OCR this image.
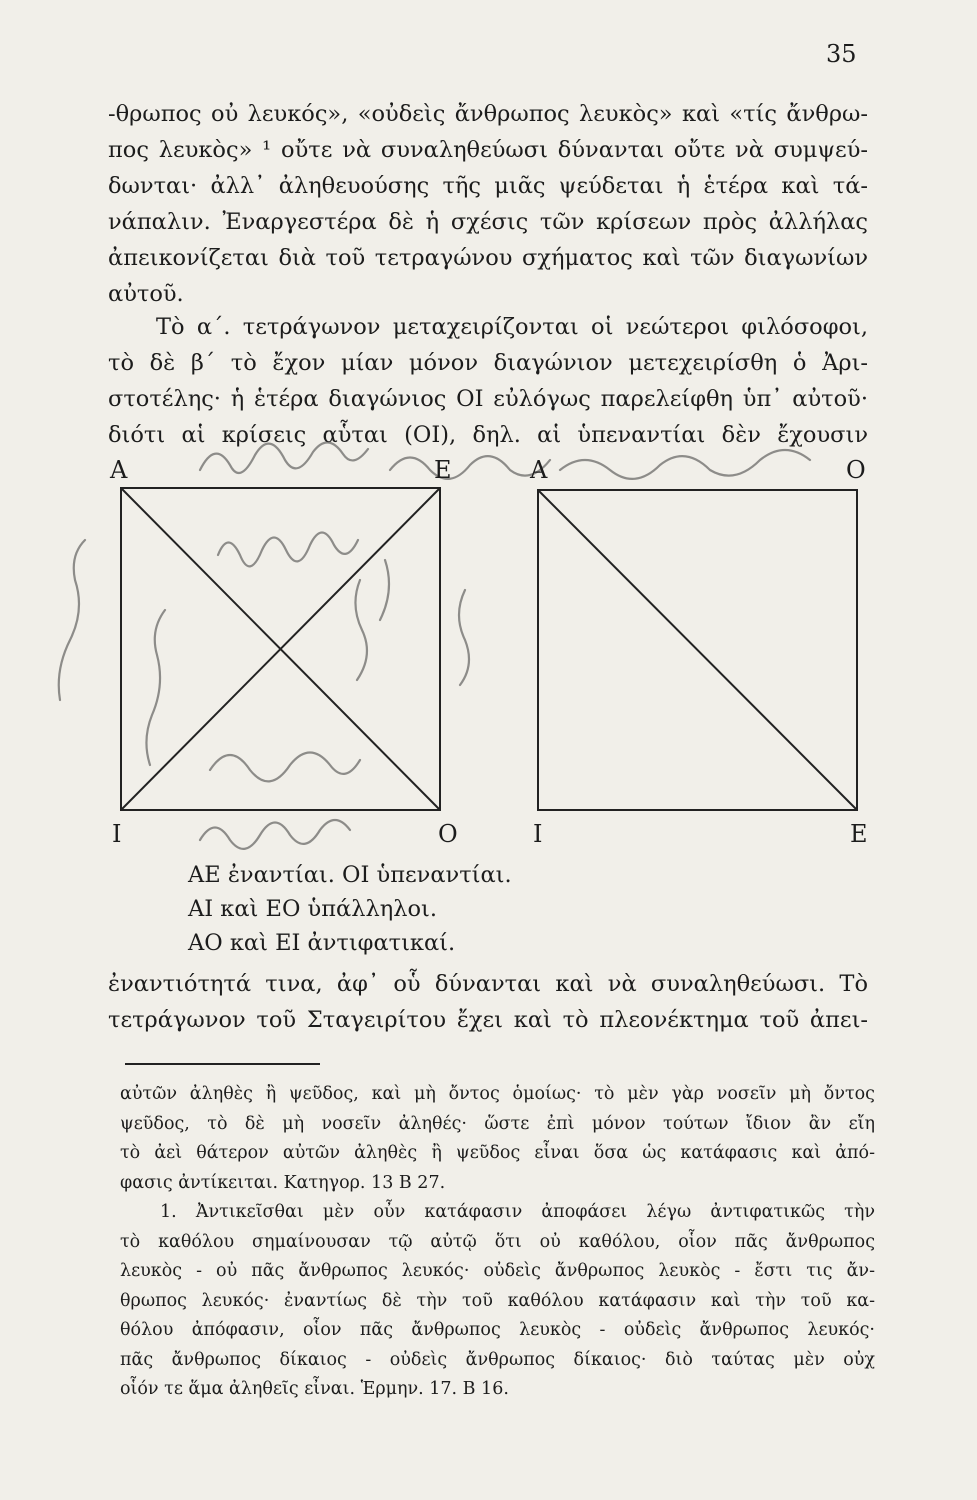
35
-θρωπος οὐ λευκός», «οὐδεὶς ἄνθρωπος λευκὸς» καὶ «τίς ἄνθρω-
πος λευκὸς» ¹ οὔτε νὰ συναληθεύωσι δύνανται οὔτε νὰ συμψεύ-
δωνται· ἀλλ᾿ ἀληθευούσης τῆς μιᾶς ψεύδεται ἡ ἑτέρα καὶ τά-
νάπαλιν. Ἐναργεστέρα δὲ ἡ σχέσις τῶν κρίσεων πρὸς ἀλλήλας
ἀπεικονίζεται διὰ τοῦ τετραγώνου σχήματος καὶ τῶν διαγωνίων
αὐτοῦ.
Τὸ α΄. τετράγωνον μεταχειρίζονται οἱ νεώτεροι φιλόσοφοι,
τὸ δὲ β΄ τὸ ἔχον μίαν μόνον διαγώνιον μετεχειρίσθη ὁ Ἀρι-
στοτέλης· ἡ ἑτέρα διαγώνιος ΟΙ εὐλόγως παρελείφθη ὑπ᾿ αὐτοῦ·
διότι αἱ κρίσεις αὗται (ΟΙ), δηλ. αἱ ὑπεναντίαι δὲν ἔχουσιν
Α	Ε
Ι	Ο
Α	Ο
Ι	Ε
ΑΕ ἐναντίαι. ΟΙ ὑπεναντίαι.
ΑΙ καὶ ΕΟ ὑπάλληλοι.
ΑΟ καὶ ΕΙ ἀντιφατικαί.
ἐναντιότητά τινα, ἀφ᾿ οὗ δύνανται καὶ νὰ συναληθεύωσι. Τὸ
τετράγωνον τοῦ Σταγειρίτου ἔχει καὶ τὸ πλεονέκτημα τοῦ ἀπει-
αὐτῶν ἀληθὲς ἢ ψεῦδος, καὶ μὴ ὄντος ὁμοίως· τὸ μὲν γὰρ νοσεῖν μὴ ὄντος
ψεῦδος, τὸ δὲ μὴ νοσεῖν ἀληθές· ὥστε ἐπὶ μόνον τούτων ἴδιον ἂν εἴη
τὸ ἀεὶ θάτερον αὐτῶν ἀληθὲς ἢ ψεῦδος εἶναι ὅσα ὡς κατάφασις καὶ ἀπό-
φασις ἀντίκειται. Κατηγορ. 13 Β 27.
1. Ἀντικεῖσθαι μὲν οὖν κατάφασιν ἀποφάσει λέγω ἀντιφατικῶς τὴν
τὸ καθόλου σημαίνουσαν τῷ αὐτῷ ὅτι οὐ καθόλου, οἷον πᾶς ἄνθρωπος
λευκὸς - οὐ πᾶς ἄνθρωπος λευκός· οὐδεὶς ἄνθρωπος λευκὸς - ἔστι τις ἄν-
θρωπος λευκός· ἐναντίως δὲ τὴν τοῦ καθόλου κατάφασιν καὶ τὴν τοῦ κα-
θόλου ἀπόφασιν, οἷον πᾶς ἄνθρωπος λευκὸς - οὐδεὶς ἄνθρωπος λευκός·
πᾶς ἄνθρωπος δίκαιος - οὐδεὶς ἄνθρωπος δίκαιος· διὸ ταύτας μὲν οὐχ
οἷόν τε ἅμα ἀληθεῖς εἶναι. Ἑρμην. 17. Β 16.
